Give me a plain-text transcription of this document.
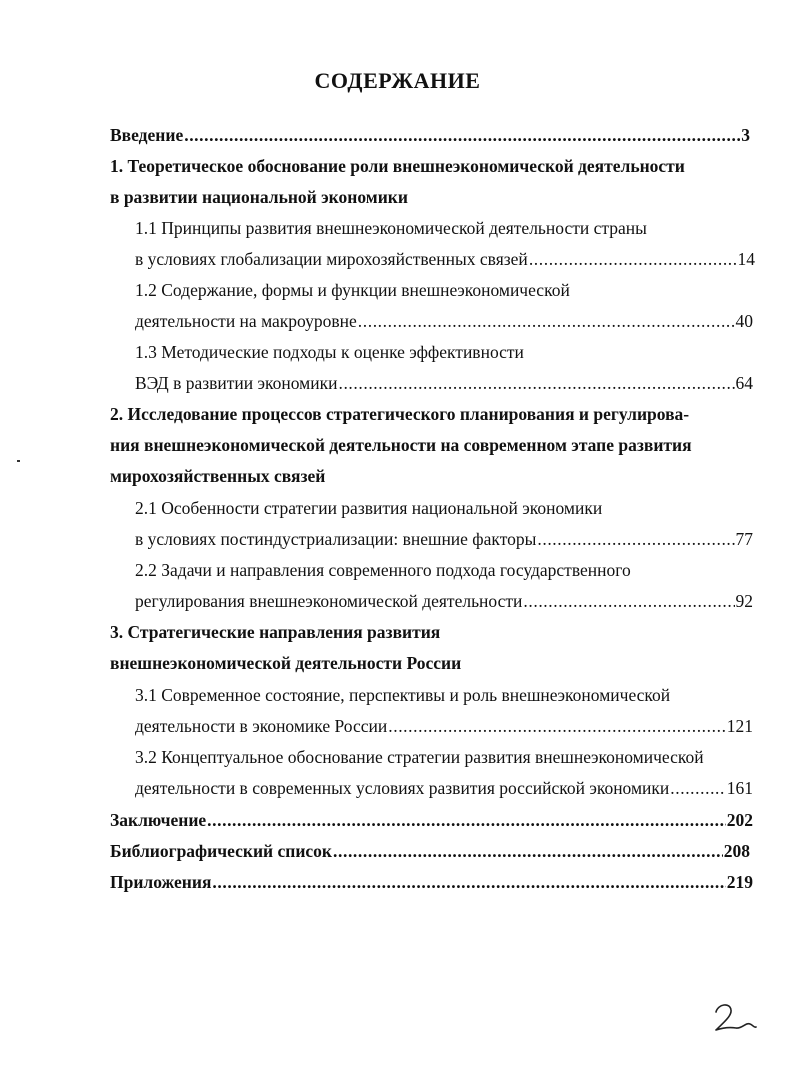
СОДЕРЖАНИЕ
Введение .....	3
1. Теоретическое обоснование роли внешнеэкономической деятельности
в развитии национальной экономики
1.1 Принципы развития внешнеэкономической деятельности страны
в условиях глобализации мирохозяйственных связей .....	14
1.2 Содержание, формы и функции внешнеэкономической
деятельности на макроуровне .....	40
1.3 Методические подходы к оценке эффективности
ВЭД в развитии экономики .....	64
2. Исследование процессов стратегического планирования и регулирова-
ния внешнеэкономической деятельности на современном этапе развития
мирохозяйственных связей
2.1 Особенности стратегии развития национальной экономики
в условиях постиндустриализации: внешние факторы .....	77
2.2 Задачи и направления современного подхода государственного
регулирования внешнеэкономической деятельности .....	92
3. Стратегические направления развития
внешнеэкономической деятельности России
3.1 Современное состояние, перспективы и роль внешнеэкономической
деятельности в экономике России .....	121
3.2 Концептуальное обоснование стратегии развития внешнеэкономической
деятельности в современных условиях развития российской экономики .....	161
Заключение .....	202
Библиографический список .....	208
Приложения .....	219
